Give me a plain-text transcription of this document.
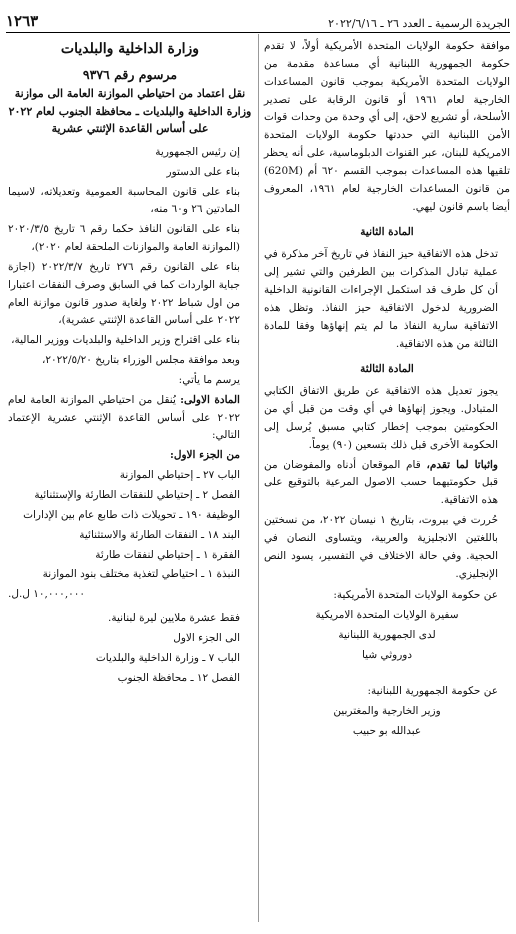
الجريدة الرسمية ـ العدد ٢٦ ـ ٢٠٢٢/٦/١٦
١٢٦٣

موافقة حكومة الولايات المتحدة الأمريكية أولاً، لا تقدم حكومة الجمهورية اللبنانية أي مساعدة مقدمة من الولايات المتحدة الأمريكية بموجب قانون المساعدات الخارجية لعام ١٩٦١ أو قانون الرقابة على تصدير الأسلحة، أو تشريع لاحق، إلى أي وحدة من وحدات قوات الأمن اللبنانية التي حددتها حكومة الولايات المتحدة الامريكية للبنان، عبر القنوات الدبلوماسية، على أنه يحظر تلقيها هذه المساعدات بموجب القسم ٦٢٠ أم (620M) من قانون المساعدات الخارجية لعام ١٩٦١، المعروف أيضا باسم قانون ليهي.

المادة الثانية

تدخل هذه الاتفاقية حيز النفاذ في تاريخ آخر مذكرة في عملية تبادل المذكرات بين الطرفين والتي تشير إلى أن كل طرف قد استكمل الإجراءات القانونية الداخلية الضرورية لدخول الاتفاقية حيز النفاذ. وتظل هذه الاتفاقية سارية النفاذ ما لم يتم إنهاؤها وفقا للمادة الثالثة من هذه الاتفاقية.

المادة الثالثة

يجوز تعديل هذه الاتفاقية عن طريق الاتفاق الكتابي المتبادل. ويجوز إنهاؤها في أي وقت من قبل أي من الحكومتين بموجب إخطار كتابي مسبق يُرسل إلى الحكومة الأخرى قبل ذلك بتسعين (٩٠) يوماً.

واثباتا لما تقدم، قام الموقعان أدناه والمفوضان من قبل حكومتيهما حسب الاصول المرعية بالتوقيع على هذه الاتفاقية.

حُررت في بيروت، بتاريخ ١ نيسان ٢٠٢٢، من نسختين باللغتين الانجليزية والعربية، ويتساوى النصان في الحجية. وفي حالة الاختلاف في التفسير، يسود النص الإنجليزي.

عن حكومة الولايات المتحدة الأمريكية:

سفيرة الولايات المتحدة الامريكية

لدى الجمهورية اللبنانية

دوروثي شيا

عن حكومة الجمهورية اللبنانية:

وزير الخارجية والمغتربين

عبدالله بو حبيب

وزارة الداخلية والبلديات
مرسوم رقم ٩٣٧٦
نقل اعتماد من احتياطي الموازنة العامة الى موازنة وزارة الداخلية والبلديات ـ محافظة الجنوب لعام ٢٠٢٢ على أساس القاعدة الإثنتي عشرية

إن رئيس الجمهورية

بناء على الدستور

بناء على قانون المحاسبة العمومية وتعديلاته، لاسيما المادتين ٢٦ و٦٠ منه،

بناء على القانون النافذ حكما رقم ٦ تاريخ ٢٠٢٠/٣/٥ (الموازنة العامة والموازنات الملحقة لعام ٢٠٢٠)،

بناء على القانون رقم ٢٧٦ تاريخ ٢٠٢٢/٣/٧ (اجازة جباية الواردات كما في السابق وصرف النفقات اعتبارا من اول شباط ٢٠٢٢ ولغاية صدور قانون موازنة العام ٢٠٢٢ على أساس القاعدة الإثنتي عشرية)،

بناء على اقتراح وزير الداخلية والبلديات ووزير المالية،

وبعد موافقة مجلس الوزراء بتاريخ ٢٠٢٢/٥/٢٠،

يرسم ما يأتي:

المادة الاولى: يُنقل من احتياطي الموازنة العامة لعام ٢٠٢٢ على أساس القاعدة الإثنتي عشرية الإعتماد التالي:

من الجزء الاول:

الباب ٢٧ ـ إحتياطي الموازنة

الفصل ٢ ـ إحتياطي للنفقات الطارئة والإستثنائية

الوظيفة ١٩٠ ـ تحويلات ذات طابع عام بين الإدارات

البند ١٨ ـ النفقات الطارئة والاستثنائية

الفقرة ١ ـ إحتياطي لنفقات طارئة

النبذة ١ ـ احتياطي لتغذية مختلف بنود الموازنة

١٠,٠٠٠,٠٠٠ ل.ل.

فقط عشرة ملايين ليرة لبنانية.

الى الجزء الاول

الباب ٧ ـ وزارة الداخلية والبلديات

الفصل ١٢ ـ محافظة الجنوب
